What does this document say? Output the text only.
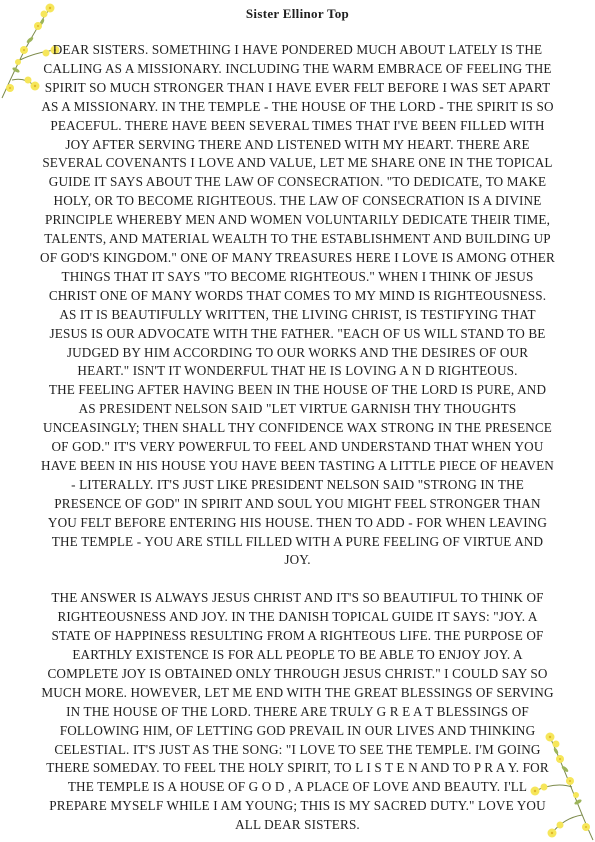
Sister Ellinor Top

DEAR SISTERS. SOMETHING I HAVE PONDERED MUCH ABOUT LATELY IS THE CALLING AS A MISSIONARY. INCLUDING THE WARM EMBRACE OF FEELING THE SPIRIT SO MUCH STRONGER THAN I HAVE EVER FELT BEFORE I WAS SET APART AS A MISSIONARY. IN THE TEMPLE - THE HOUSE OF THE LORD - THE SPIRIT IS SO PEACEFUL. THERE HAVE BEEN SEVERAL TIMES THAT I'VE BEEN FILLED WITH JOY AFTER SERVING THERE AND LISTENED WITH MY HEART. THERE ARE SEVERAL COVENANTS I LOVE AND VALUE, LET ME SHARE ONE IN THE TOPICAL GUIDE IT SAYS ABOUT THE LAW OF CONSECRATION. "TO DEDICATE, TO MAKE HOLY, OR TO BECOME RIGHTEOUS. THE LAW OF CONSECRATION IS A DIVINE PRINCIPLE WHEREBY MEN AND WOMEN VOLUNTARILY DEDICATE THEIR TIME, TALENTS, AND MATERIAL WEALTH TO THE ESTABLISHMENT AND BUILDING UP OF GOD'S KINGDOM." ONE OF MANY TREASURES HERE I LOVE IS AMONG OTHER THINGS THAT IT SAYS "TO BECOME RIGHTEOUS." WHEN I THINK OF JESUS CHRIST ONE OF MANY WORDS THAT COMES TO MY MIND IS RIGHTEOUSNESS. AS IT IS BEAUTIFULLY WRITTEN, THE LIVING CHRIST, IS TESTIFYING THAT JESUS IS OUR ADVOCATE WITH THE FATHER. "EACH OF US WILL STAND TO BE JUDGED BY HIM ACCORDING TO OUR WORKS AND THE DESIRES OF OUR HEART." ISN'T IT WONDERFUL THAT HE IS LOVING A N D RIGHTEOUS.

THE FEELING AFTER HAVING BEEN IN THE HOUSE OF THE LORD IS PURE, AND AS PRESIDENT NELSON SAID "LET VIRTUE GARNISH THY THOUGHTS UNCEASINGLY; THEN SHALL THY CONFIDENCE WAX STRONG IN THE PRESENCE OF GOD." IT'S VERY POWERFUL TO FEEL AND UNDERSTAND THAT WHEN YOU HAVE BEEN IN HIS HOUSE YOU HAVE BEEN TASTING A LITTLE PIECE OF HEAVEN - LITERALLY. IT'S JUST LIKE PRESIDENT NELSON SAID "STRONG IN THE PRESENCE OF GOD" IN SPIRIT AND SOUL YOU MIGHT FEEL STRONGER THAN YOU FELT BEFORE ENTERING HIS HOUSE. THEN TO ADD - FOR WHEN LEAVING THE TEMPLE - YOU ARE STILL FILLED WITH A PURE FEELING OF VIRTUE AND JOY.

THE ANSWER IS ALWAYS JESUS CHRIST AND IT'S SO BEAUTIFUL TO THINK OF RIGHTEOUSNESS AND JOY. IN THE DANISH TOPICAL GUIDE IT SAYS: "JOY. A STATE OF HAPPINESS RESULTING FROM A RIGHTEOUS LIFE. THE PURPOSE OF EARTHLY EXISTENCE IS FOR ALL PEOPLE TO BE ABLE TO ENJOY JOY. A COMPLETE JOY IS OBTAINED ONLY THROUGH JESUS CHRIST." I COULD SAY SO MUCH MORE. HOWEVER, LET ME END WITH THE GREAT BLESSINGS OF SERVING IN THE HOUSE OF THE LORD. THERE ARE TRULY G R E A T BLESSINGS OF FOLLOWING HIM, OF LETTING GOD PREVAIL IN OUR LIVES AND THINKING CELESTIAL. IT'S JUST AS THE SONG: "I LOVE TO SEE THE TEMPLE. I'M GOING THERE SOMEDAY. TO FEEL THE HOLY SPIRIT, TO L I S T E N AND TO P R A Y. FOR THE TEMPLE IS A HOUSE OF G O D , A PLACE OF LOVE AND BEAUTY. I'LL PREPARE MYSELF WHILE I AM YOUNG; THIS IS MY SACRED DUTY." LOVE YOU ALL DEAR SISTERS.
